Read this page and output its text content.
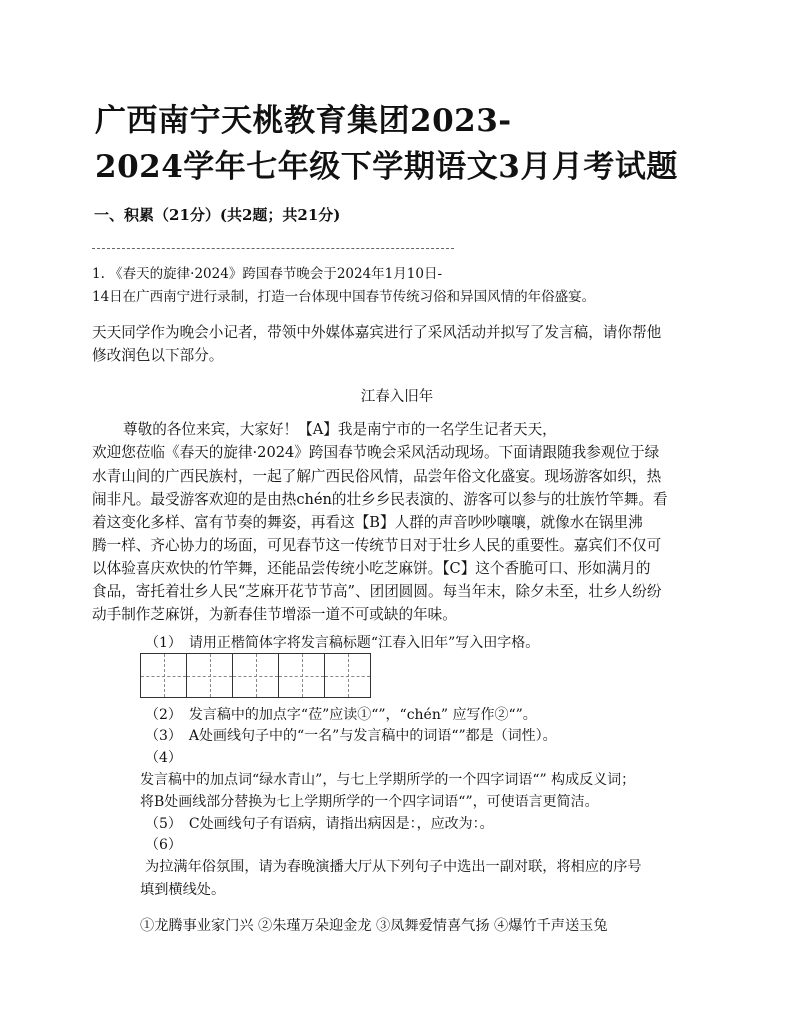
广西南宁天桃教育集团2023-
2024学年七年级下学期语文3月月考试题
一、积累（21分）(共2题；共21分)
1. 《春天的旋律·2024》跨国春节晚会于2024年1月10日-
14日在广西南宁进行录制，打造一台体现中国春节传统习俗和异国风情的年俗盛宴。
天天同学作为晚会小记者，带领中外媒体嘉宾进行了采风活动并拟写了发言稿，请你帮他
修改润色以下部分。
江春入旧年
尊敬的各位来宾，大家好！【A】我是南宁市的一名学生记者天天，
欢迎您莅临《春天的旋律·2024》跨国春节晚会采风活动现场。下面请跟随我参观位于绿
水青山间的广西民族村，一起了解广西民俗风情，品尝年俗文化盛宴。现场游客如织，热
闹非凡。最受游客欢迎的是由热chén的壮乡乡民表演的、游客可以参与的壮族竹竿舞。看
着这变化多样、富有节奏的舞姿，再看这【B】人群的声音吵吵嚷嚷，就像水在锅里沸
腾一样、齐心协力的场面，可见春节这一传统节日对于壮乡人民的重要性。嘉宾们不仅可
以体验喜庆欢快的竹竿舞，还能品尝传统小吃芝麻饼。【C】这个香脆可口、形如满月的
食品，寄托着壮乡人民“芝麻开花节节高”、团团圆圆。每当年末，除夕未至，壮乡人纷纷
动手制作芝麻饼，为新春佳节增添一道不可或缺的年味。
（1）　请用正楷简体字将发言稿标题“江春入旧年”写入田字格。
（2）　发言稿中的加点字“莅”应读①“”，“chén” 应写作②“”。
（3）　A处画线句子中的“一名”与发言稿中的词语“”都是（词性）。
（4）
发言稿中的加点词“绿水青山”，与七上学期所学的一个四字词语“” 构成反义词；
将B处画线部分替换为七上学期所学的一个四字词语“”，可使语言更简洁。
（5）　C处画线句子有语病，请指出病因是：，应改为：。
（6）
为拉满年俗氛围，请为春晚演播大厅从下列句子中选出一副对联，将相应的序号
填到横线处。
①龙腾事业家门兴 ②朱瑾万朵迎金龙 ③凤舞爱情喜气扬 ④爆竹千声送玉兔
